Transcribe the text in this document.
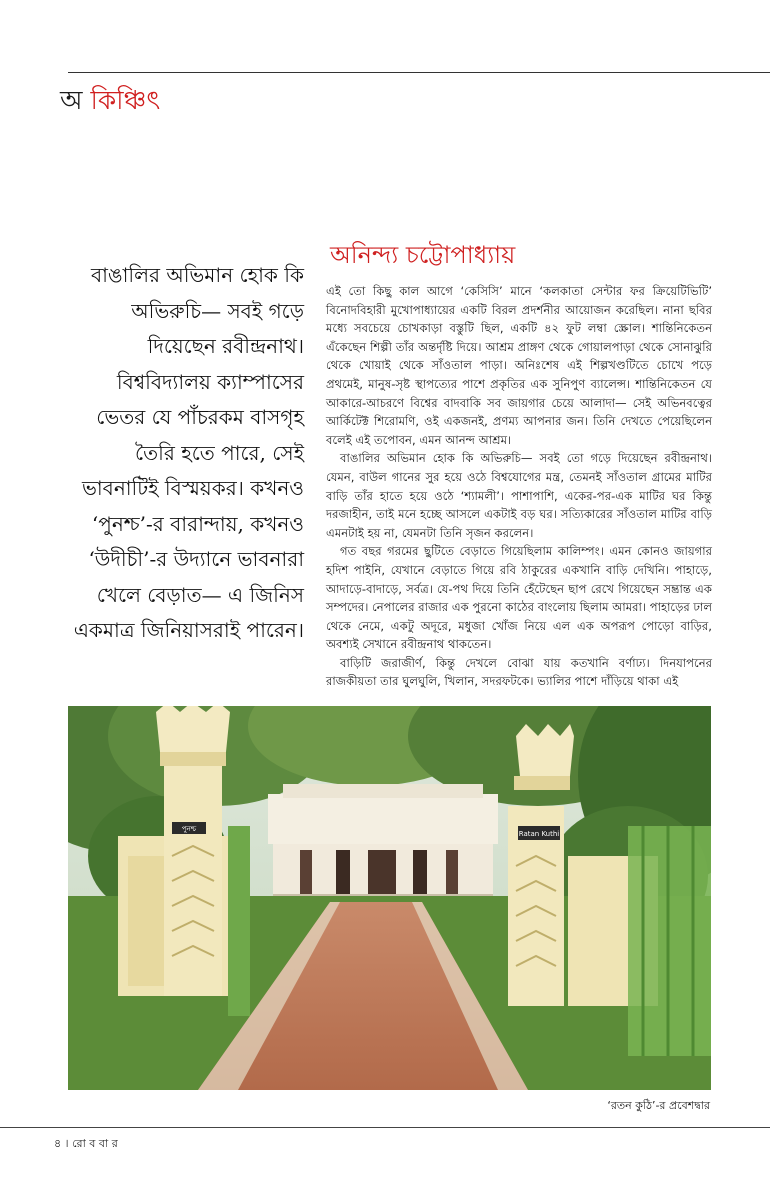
অ কিঞ্চিৎ
বাঙালির অভিমান হোক কি অভিরুচি— সবই গড়ে দিয়েছেন রবীন্দ্রনাথ। বিশ্ববিদ্যালয় ক্যাম্পাসের ভেতর যে পাঁচরকম বাসগৃহ তৈরি হতে পারে, সেই ভাবনাটিই বিস্ময়কর। কখনও ‘পুনশ্চ’-র বারান্দায়, কখনও ‘উদীচী’-র উদ্যানে ভাবনারা খেলে বেড়াত— এ জিনিস একমাত্র জিনিয়াসরাই পারেন।
অনিন্দ্য চট্টোপাধ্যায়

এই তো কিছু কাল আগে ‘কেসিসি’ মানে ‘কলকাতা সেন্টার ফর ক্রিয়েটিভিটি’ বিনোদবিহারী মুখোপাধ্যায়ের একটি বিরল প্রদর্শনীর আয়োজন করেছিল। নানা ছবির মধ্যে সবচেয়ে চোখকাড়া বস্তুটি ছিল, একটি ৪২ ফুট লম্বা স্ক্রোল। শান্তিনিকেতন এঁকেছেন শিল্পী তাঁর অন্তর্দৃষ্টি দিয়ে। আশ্রম প্রাঙ্গণ থেকে গোয়ালপাড়া থেকে সোনাঝুরি থেকে খোয়াই থেকে সাঁওতাল পাড়া। অনিঃশেষ এই শিল্পখণ্ডটিতে চোখে পড়ে প্রথমেই, মানুষ-সৃষ্ট স্থাপত্যের পাশে প্রকৃতির এক সুনিপুণ ব্যালেন্স। শান্তিনিকেতন যে আকারে-আচরণে বিশ্বের বাদবাকি সব জায়গার চেয়ে আলাদা— সেই অভিনবত্বের আর্কিটেক্ট শিরোমণি, ওই একজনই, প্রণম্য আপনার জন। তিনি দেখতে পেয়েছিলেন বলেই এই তপোবন, এমন আনন্দ আশ্রম।

বাঙালির অভিমান হোক কি অভিরুচি— সবই তো গড়ে দিয়েছেন রবীন্দ্রনাথ। যেমন, বাউল গানের সুর হয়ে ওঠে বিশ্বযোগের মন্ত্র, তেমনই সাঁওতাল গ্রামের মাটির বাড়ি তাঁর হাতে হয়ে ওঠে ‘শ্যামলী’। পাশাপাশি, একের-পর-এক মাটির ঘর কিন্তু দরজাহীন, তাই মনে হচ্ছে আসলে একটাই বড় ঘর। সত্যিকারের সাঁওতাল মাটির বাড়ি এমনটাই হয় না, যেমনটা তিনি সৃজন করলেন।

গত বছর গরমের ছুটিতে বেড়াতে গিয়েছিলাম কালিম্পং। এমন কোনও জায়গার হদিশ পাইনি, যেখানে বেড়াতে গিয়ে রবি ঠাকুরের একখানি বাড়ি দেখিনি। পাহাড়ে, আদাড়ে-বাদাড়ে, সর্বত্র। যে-পথ দিয়ে তিনি হেঁটেছেন ছাপ রেখে গিয়েছেন সম্ভ্রান্ত এক সম্পদের। নেপালের রাজার এক পুরনো কাঠের বাংলোয় ছিলাম আমরা। পাহাড়ের ঢাল থেকে নেমে, একটু অদূরে, মধুজা খোঁজ নিয়ে এল এক অপরূপ পোড়ো বাড়ির, অবশ্যই সেখানে রবীন্দ্রনাথ থাকতেন।

বাড়িটি জরাজীর্ণ, কিন্তু দেখলে বোঝা যায় কতখানি বর্ণাঢ্য। দিনযাপনের রাজকীয়তা তার ঘুলঘুলি, খিলান, সদরফটকে। ভ্যালির পাশে দাঁড়িয়ে থাকা এই

পুনশ্চ
Ratan Kuthi
‘রতন কুঠি’-র প্রবেশদ্বার
৪ । রো ব বা র
